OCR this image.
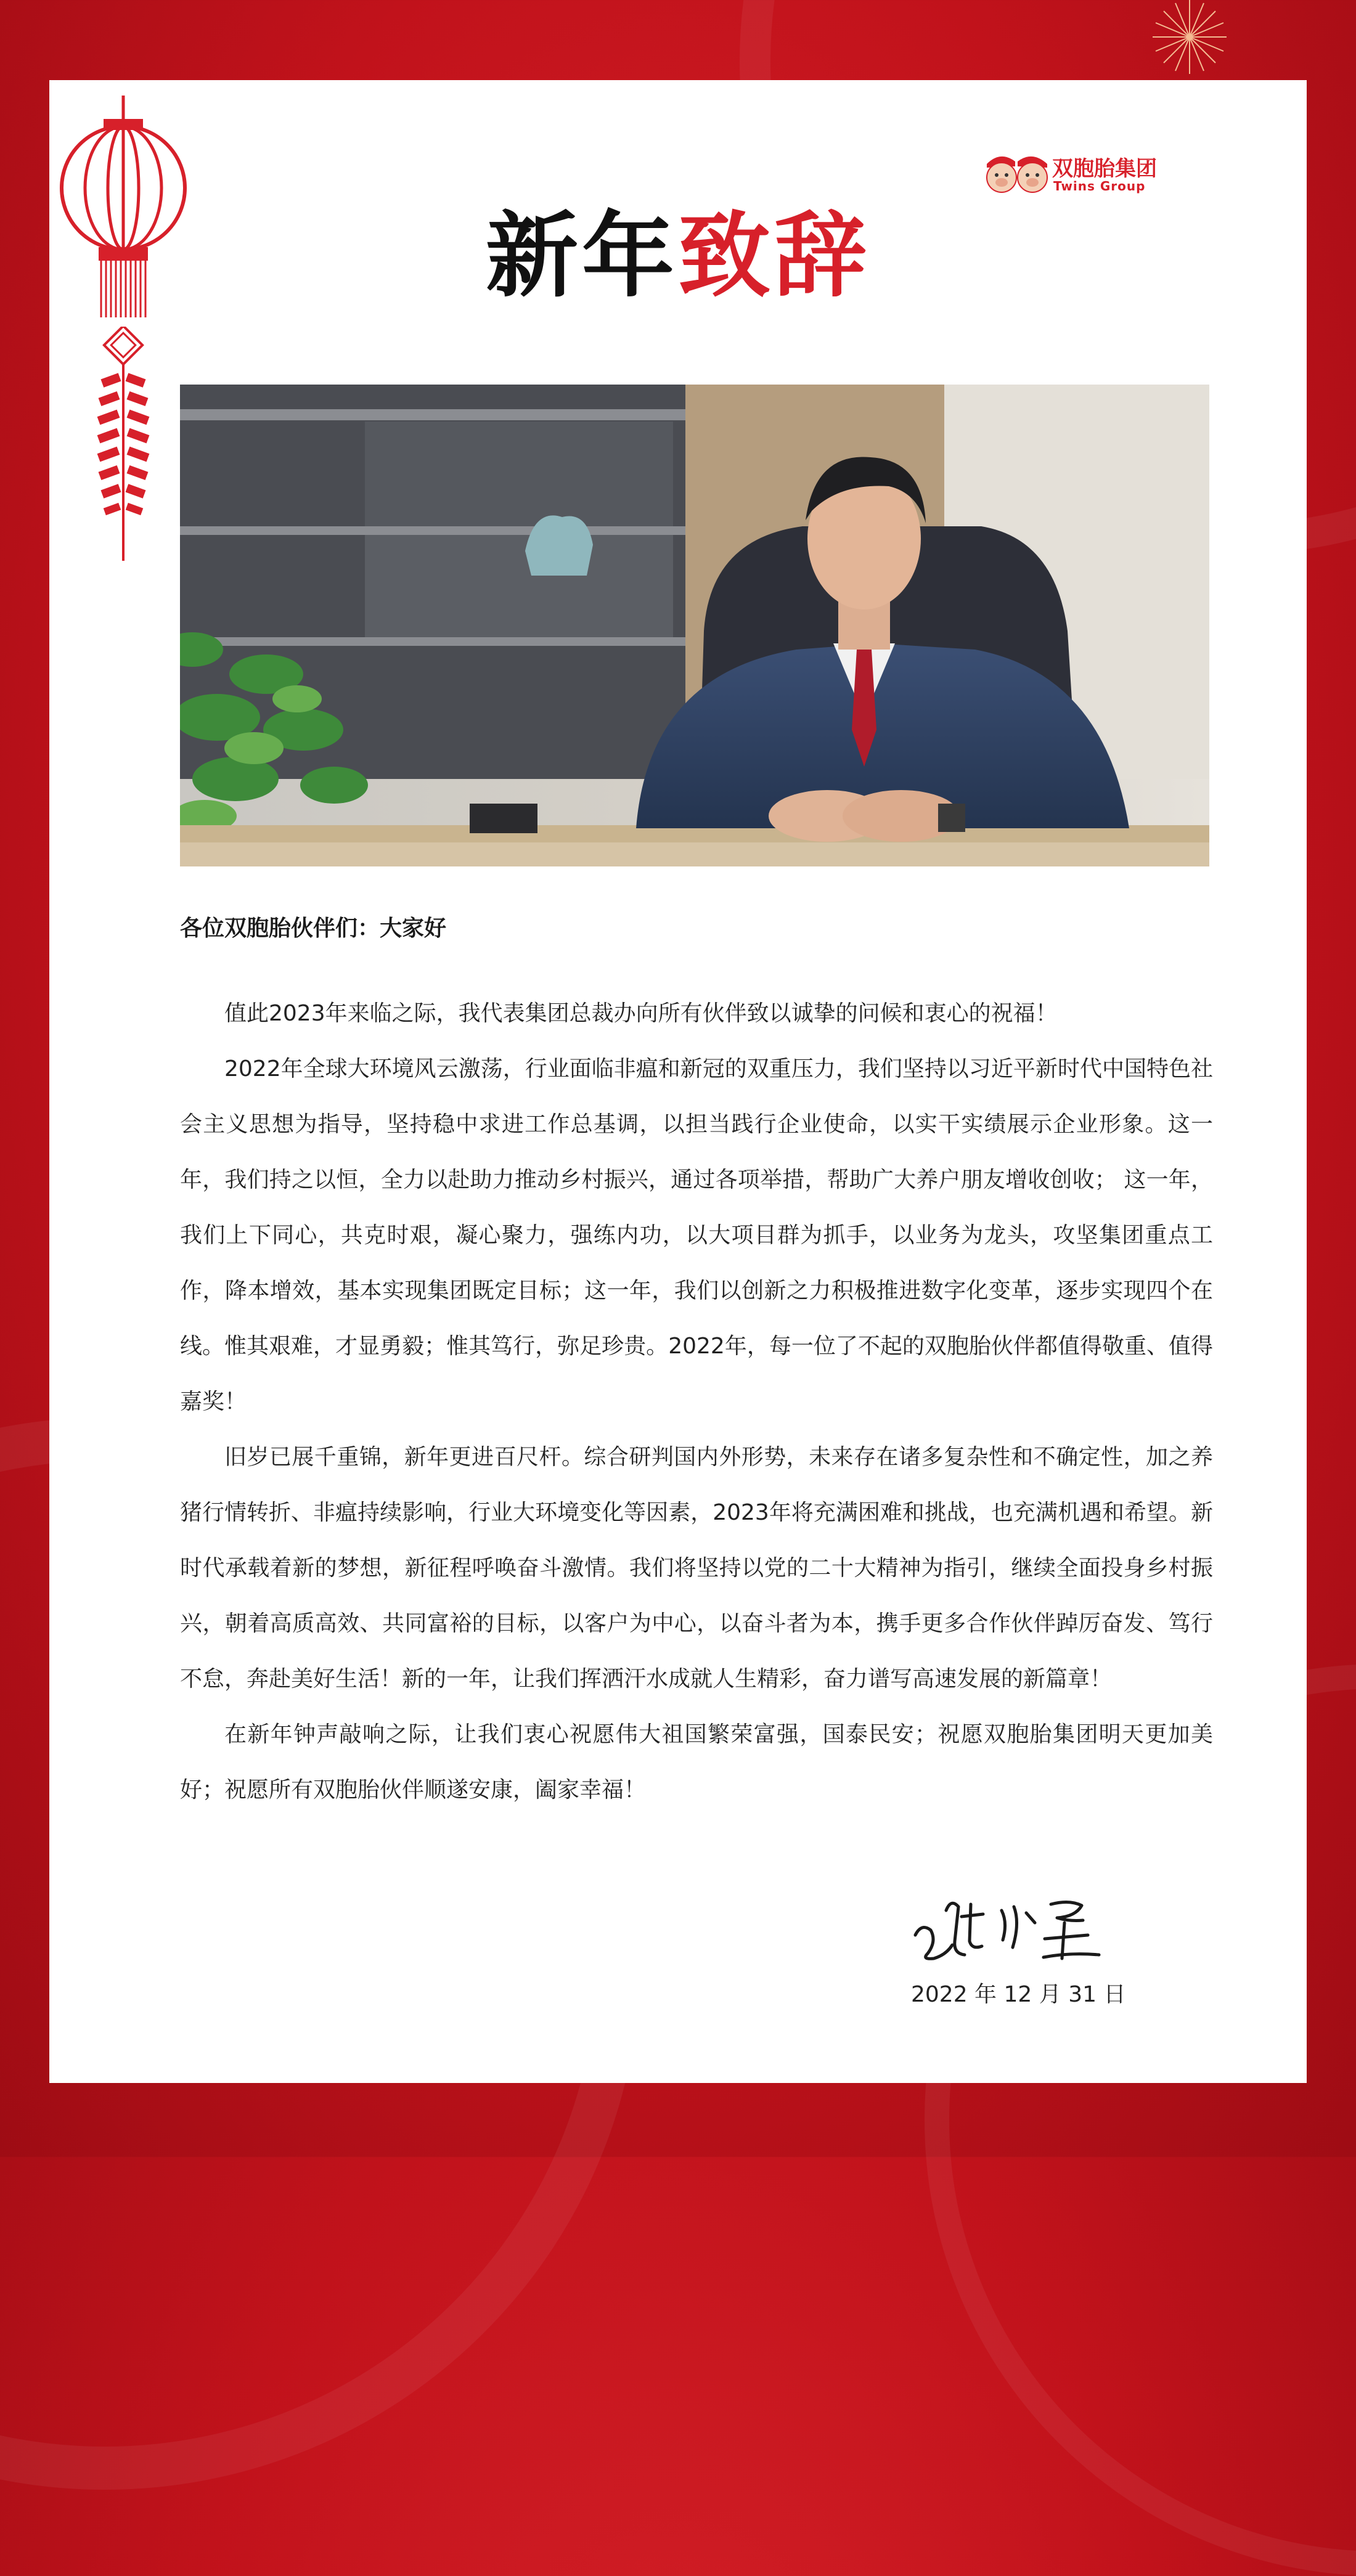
双胞胎集团

Twins Group

新年致辞

各位双胞胎伙伴们：大家好

值此2023年来临之际，我代表集团总裁办向所有伙伴致以诚挚的问候和衷心的祝福！

2022年全球大环境风云激荡，行业面临非瘟和新冠的双重压力，我们坚持以习近平新时代中国特色社会主义思想为指导，坚持稳中求进工作总基调，以担当践行企业使命，以实干实绩展示企业形象。这一年，我们持之以恒，全力以赴助力推动乡村振兴，通过各项举措，帮助广大养户朋友增收创收； 这一年，我们上下同心，共克时艰，凝心聚力，强练内功，以大项目群为抓手，以业务为龙头，攻坚集团重点工作，降本增效，基本实现集团既定目标；这一年，我们以创新之力积极推进数字化变革，逐步实现四个在线。惟其艰难，才显勇毅；惟其笃行，弥足珍贵。2022年，每一位了不起的双胞胎伙伴都值得敬重、值得嘉奖！

旧岁已展千重锦，新年更进百尺杆。综合研判国内外形势，未来存在诸多复杂性和不确定性，加之养猪行情转折、非瘟持续影响，行业大环境变化等因素，2023年将充满困难和挑战，也充满机遇和希望。新时代承载着新的梦想，新征程呼唤奋斗激情。我们将坚持以党的二十大精神为指引，继续全面投身乡村振兴，朝着高质高效、共同富裕的目标，以客户为中心，以奋斗者为本，携手更多合作伙伴踔厉奋发、笃行不怠，奔赴美好生活！新的一年，让我们挥洒汗水成就人生精彩，奋力谱写高速发展的新篇章！

在新年钟声敲响之际，让我们衷心祝愿伟大祖国繁荣富强，国泰民安；祝愿双胞胎集团明天更加美好；祝愿所有双胞胎伙伴顺遂安康，阖家幸福！

2022 年 12 月 31 日
